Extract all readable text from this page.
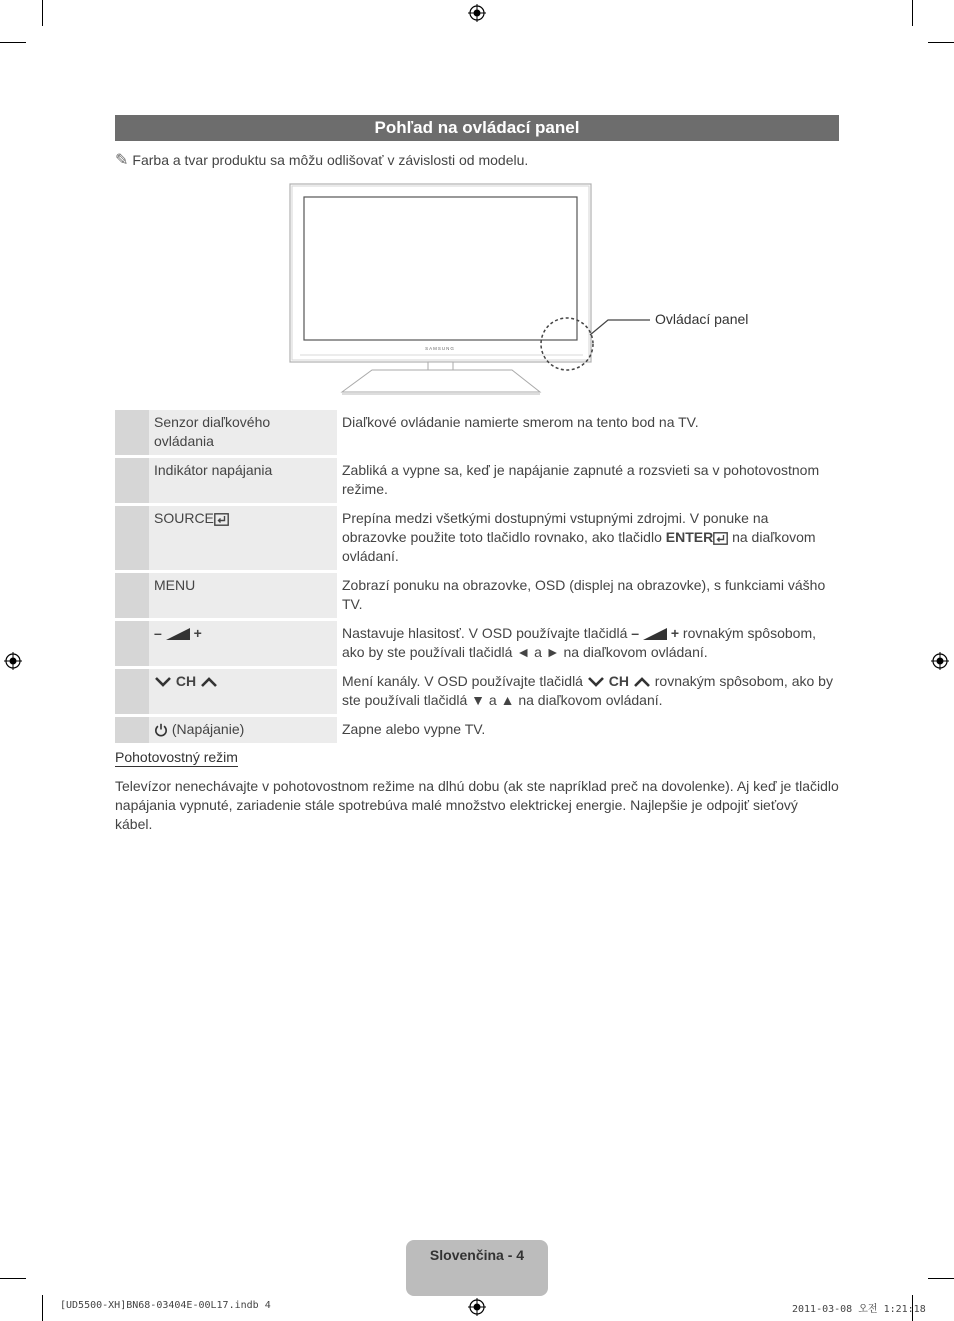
Pohľad na ovládací panel
✎ Farba a tvar produktu sa môžu odlišovať v závislosti od modelu.
SAMSUNG
Ovládací panel
	Senzor diaľkového ovládania	Diaľkové ovládanie namierte smerom na tento bod na TV.
	Indikátor napájania	Zabliká a vypne sa, keď je napájanie zapnuté a rozsvieti sa v pohotovostnom režime.
	SOURCE	Prepína medzi všetkými dostupnými vstupnými zdrojmi. V ponuke na obrazovke použite toto tlačidlo rovnako, ako tlačidlo ENTER na diaľkovom ovládaní.
	MENU	Zobrazí ponuku na obrazovke, OSD (displej na obrazovke), s funkciami vášho TV.
	– +	Nastavuje hlasitosť. V OSD používajte tlačidlá – + rovnakým spôsobom, ako by ste používali tlačidlá ◄ a ► na diaľkovom ovládaní.
	CH	Mení kanály. V OSD používajte tlačidlá  CH  rovnakým spôsobom, ako by ste používali tlačidlá ▼ a ▲ na diaľkovom ovládaní.
	(Napájanie)	Zapne alebo vypne TV.
Pohotovostný režim
Televízor nenechávajte v pohotovostnom režime na dlhú dobu (ak ste napríklad preč na dovolenke). Aj keď je tlačidlo napájania vypnuté, zariadenie stále spotrebúva malé množstvo elektrickej energie. Najlepšie je odpojiť sieťový kábel.
Slovenčina - 4
[UD5500-XH]BN68-03404E-00L17.indb 4	2011-03-08 오전 1:21:18
